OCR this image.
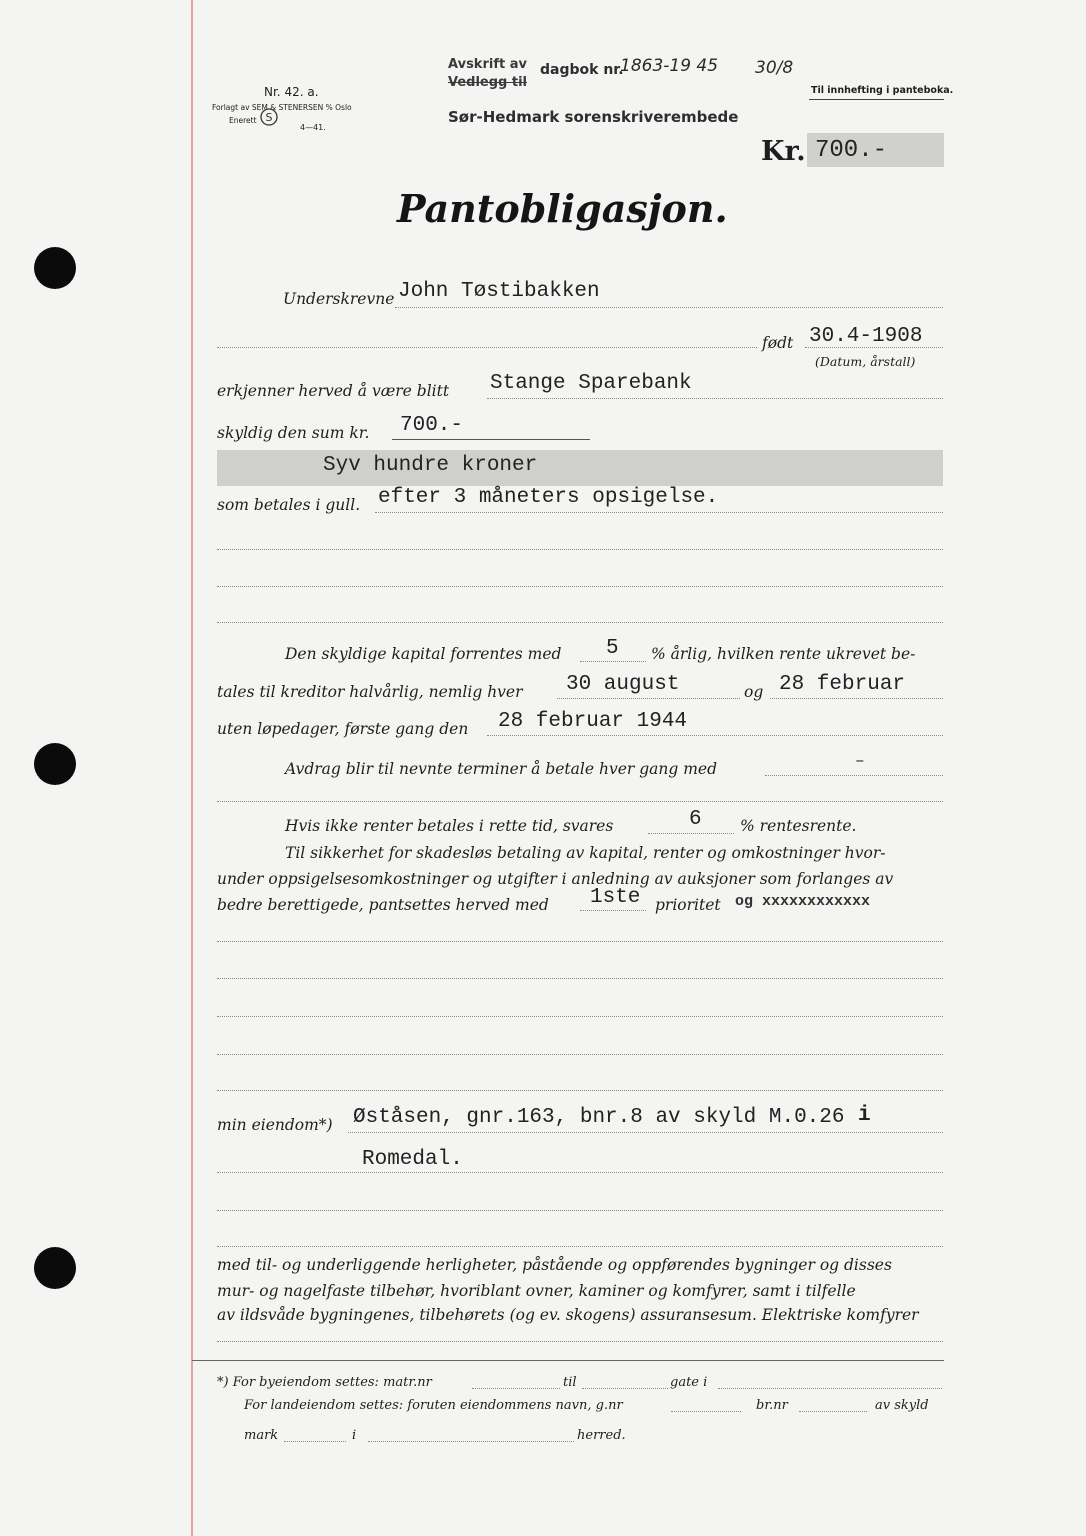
Nr. 42. a.
Forlagt av SEM & STENERSEN % Oslo
Enerett S
4—41.
Avskrift av
Vedlegg til
dagbok nr.
1863-19 45 30/8
Sør-Hedmark sorenskriverembede
Til innhefting i panteboka.
Kr. 700.-
Pantobligasjon.
Underskrevne John Tøstibakken
født 30.4-1908
(Datum, årstall)
erkjenner herved å være blitt Stange Sparebank
skyldig den sum kr. 700.-
Syv hundre kroner
som betales i gull. efter 3 måneters opsigelse.
Den skyldige kapital forrentes med 5 % årlig, hvilken rente ukrevet be-
tales til kreditor halvårlig, nemlig hver 30 august	og 28 februar
uten løpedager, første gang den 28 februar 1944
Avdrag blir til nevnte terminer å betale hver gang med	–
Hvis ikke renter betales i rette tid, svares	6 % rentesrente.
Til sikkerhet for skadesløs betaling av kapital, renter og omkostninger hvor-
under oppsigelsesomkostninger og utgifter i anledning av auksjoner som forlanges av
bedre berettigede, pantsettes herved med 1ste prioritet og xxxxxxxxxxxx
min eiendom*) Øståsen, gnr.163, bnr.8 av skyld M.0.26 i
Romedal.
med til- og underliggende herligheter, påstående og oppførendes bygninger og disses
mur- og nagelfaste tilbehør, hvoriblant ovner, kaminer og komfyrer, samt i tilfelle
av ildsvåde bygningenes, tilbehørets (og ev. skogens) assuransesum. Elektriske komfyrer
*) For byeiendom settes: matr.nr	til	gate i
For landeiendom settes: foruten eiendommens navn, g.nr	br.nr	av skyld
mark	i	herred.
